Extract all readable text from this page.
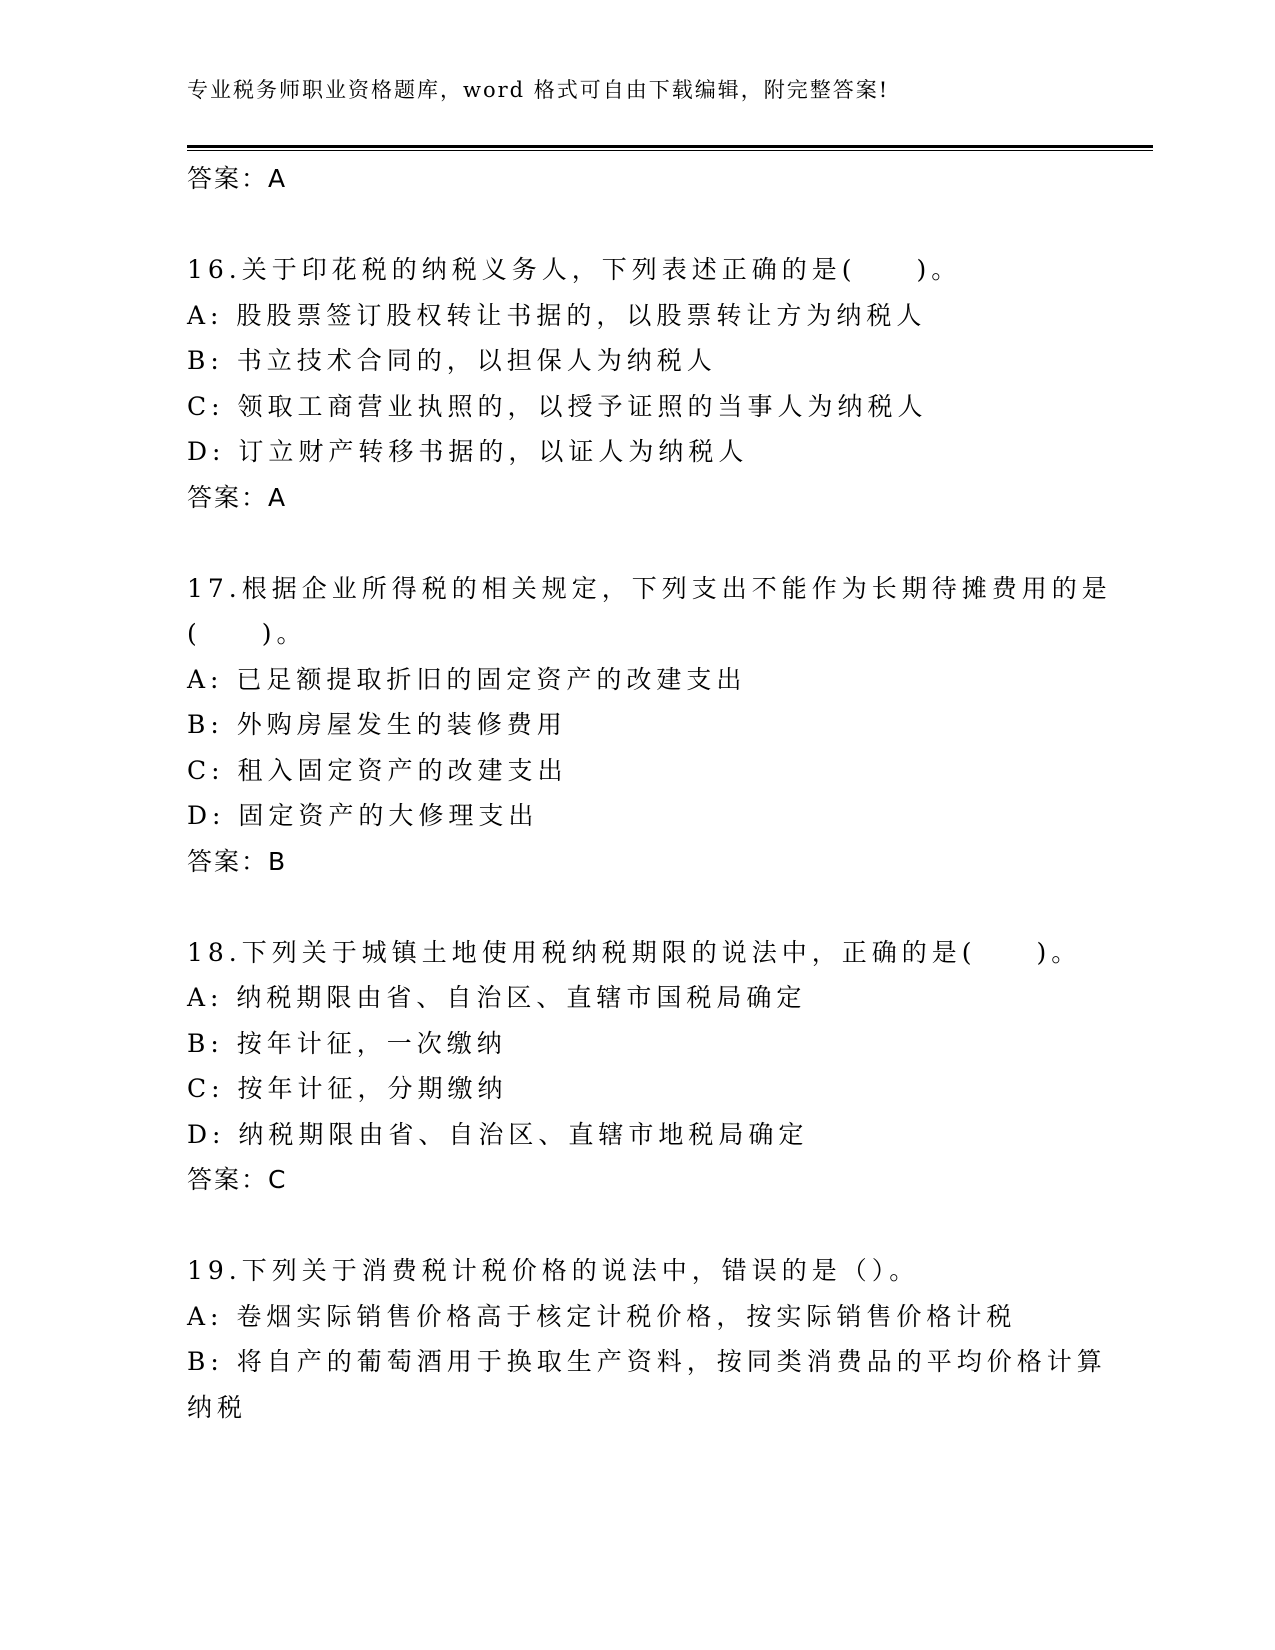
专业税务师职业资格题库，word 格式可自由下载编辑，附完整答案!
答案：A
16.关于印花税的纳税义务人，下列表述正确的是(　　)。
A: 股股票签订股权转让书据的，以股票转让方为纳税人
B: 书立技术合同的，以担保人为纳税人
C: 领取工商营业执照的，以授予证照的当事人为纳税人
D: 订立财产转移书据的，以证人为纳税人
答案：A
17.根据企业所得税的相关规定，下列支出不能作为长期待摊费用的是
(　　)。
A: 已足额提取折旧的固定资产的改建支出
B: 外购房屋发生的装修费用
C: 租入固定资产的改建支出
D: 固定资产的大修理支出
答案：B
18.下列关于城镇土地使用税纳税期限的说法中，正确的是(　　)。
A: 纳税期限由省、自治区、直辖市国税局确定
B: 按年计征，一次缴纳
C: 按年计征，分期缴纳
D: 纳税期限由省、自治区、直辖市地税局确定
答案：C
19.下列关于消费税计税价格的说法中，错误的是（）。
A: 卷烟实际销售价格高于核定计税价格，按实际销售价格计税
B: 将自产的葡萄酒用于换取生产资料，按同类消费品的平均价格计算
纳税
